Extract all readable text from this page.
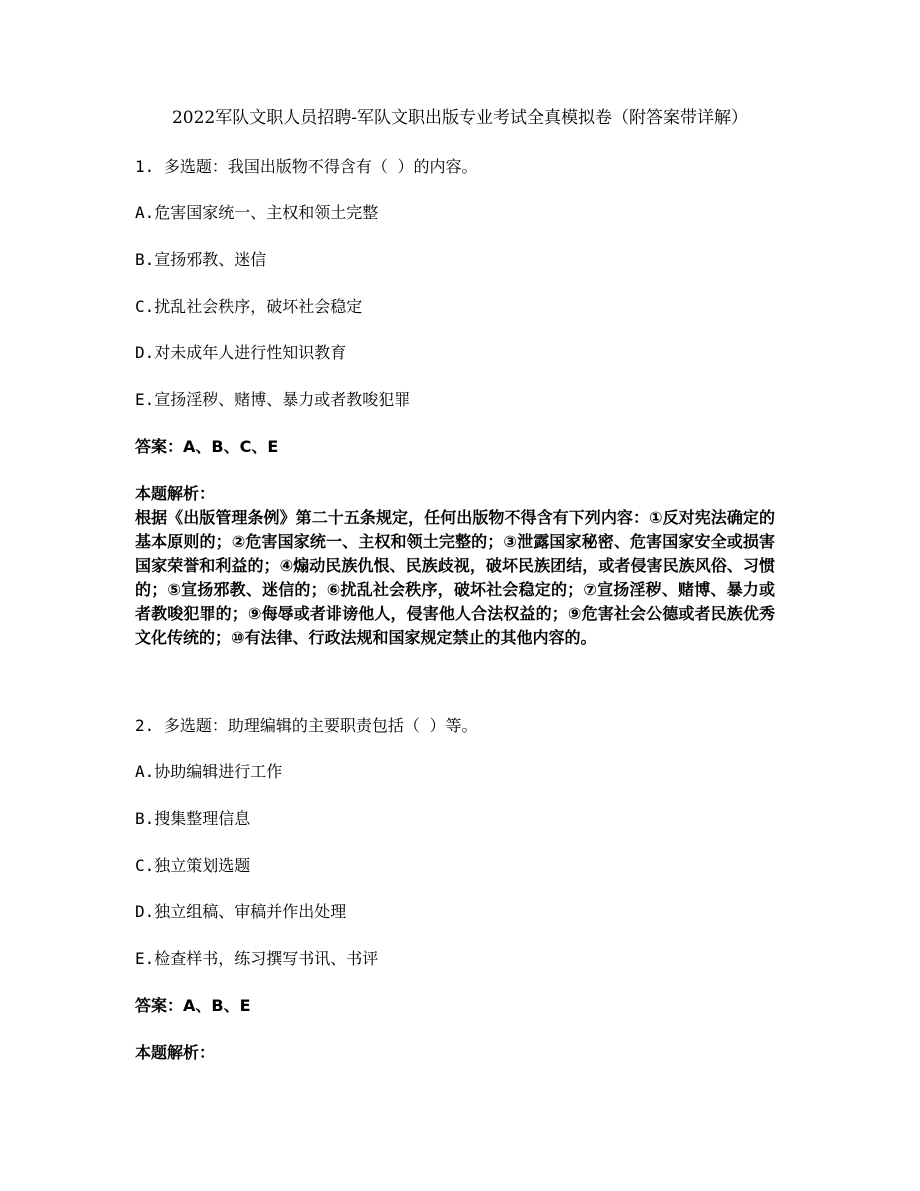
2022军队文职人员招聘-军队文职出版专业考试全真模拟卷（附答案带详解）
1. 多选题：我国出版物不得含有（ ）的内容。
A.危害国家统一、主权和领土完整
B.宣扬邪教、迷信
C.扰乱社会秩序，破坏社会稳定
D.对未成年人进行性知识教育
E.宣扬淫秽、赌博、暴力或者教唆犯罪
答案：A、B、C、E
本题解析：
根据《出版管理条例》第二十五条规定，任何出版物不得含有下列内容：①反对宪法确定的基本原则的；②危害国家统一、主权和领土完整的；③泄露国家秘密、危害国家安全或损害国家荣誉和利益的；④煽动民族仇恨、民族歧视，破坏民族团结，或者侵害民族风俗、习惯的；⑤宣扬邪教、迷信的；⑥扰乱社会秩序，破坏社会稳定的；⑦宣扬淫秽、赌博、暴力或者教唆犯罪的；⑨侮辱或者诽谤他人，侵害他人合法权益的；⑨危害社会公德或者民族优秀文化传统的；⑩有法律、行政法规和国家规定禁止的其他内容的。
2. 多选题：助理编辑的主要职责包括（ ）等。
A.协助编辑进行工作
B.搜集整理信息
C.独立策划选题
D.独立组稿、审稿并作出处理
E.检查样书，练习撰写书讯、书评
答案：A、B、E
本题解析：
